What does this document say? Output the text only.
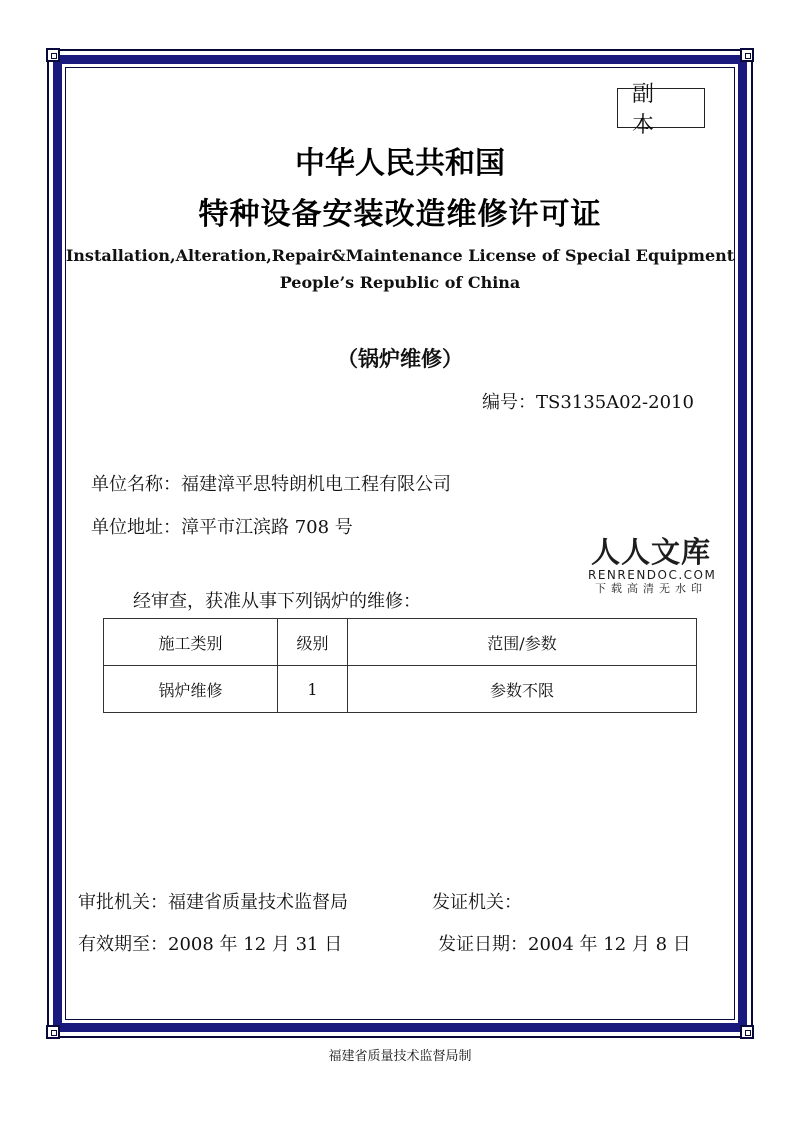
副本
中华人民共和国
特种设备安装改造维修许可证
Installation,Alteration,Repair&Maintenance License of Special Equipment
People’s Republic of China
（锅炉维修）
编号：TS3135A02-2010
单位名称：福建漳平思特朗机电工程有限公司
单位地址：漳平市江滨路 708 号
人人文库
RENRENDOC.COM
下载高清无水印
经审查，获准从事下列锅炉的维修：
施工类别	级别	范围/参数
锅炉维修	1	参数不限
审批机关：福建省质量技术监督局	发证机关：
有效期至：2008 年 12 月 31 日	发证日期：2004 年 12 月 8 日
福建省质量技术监督局制
